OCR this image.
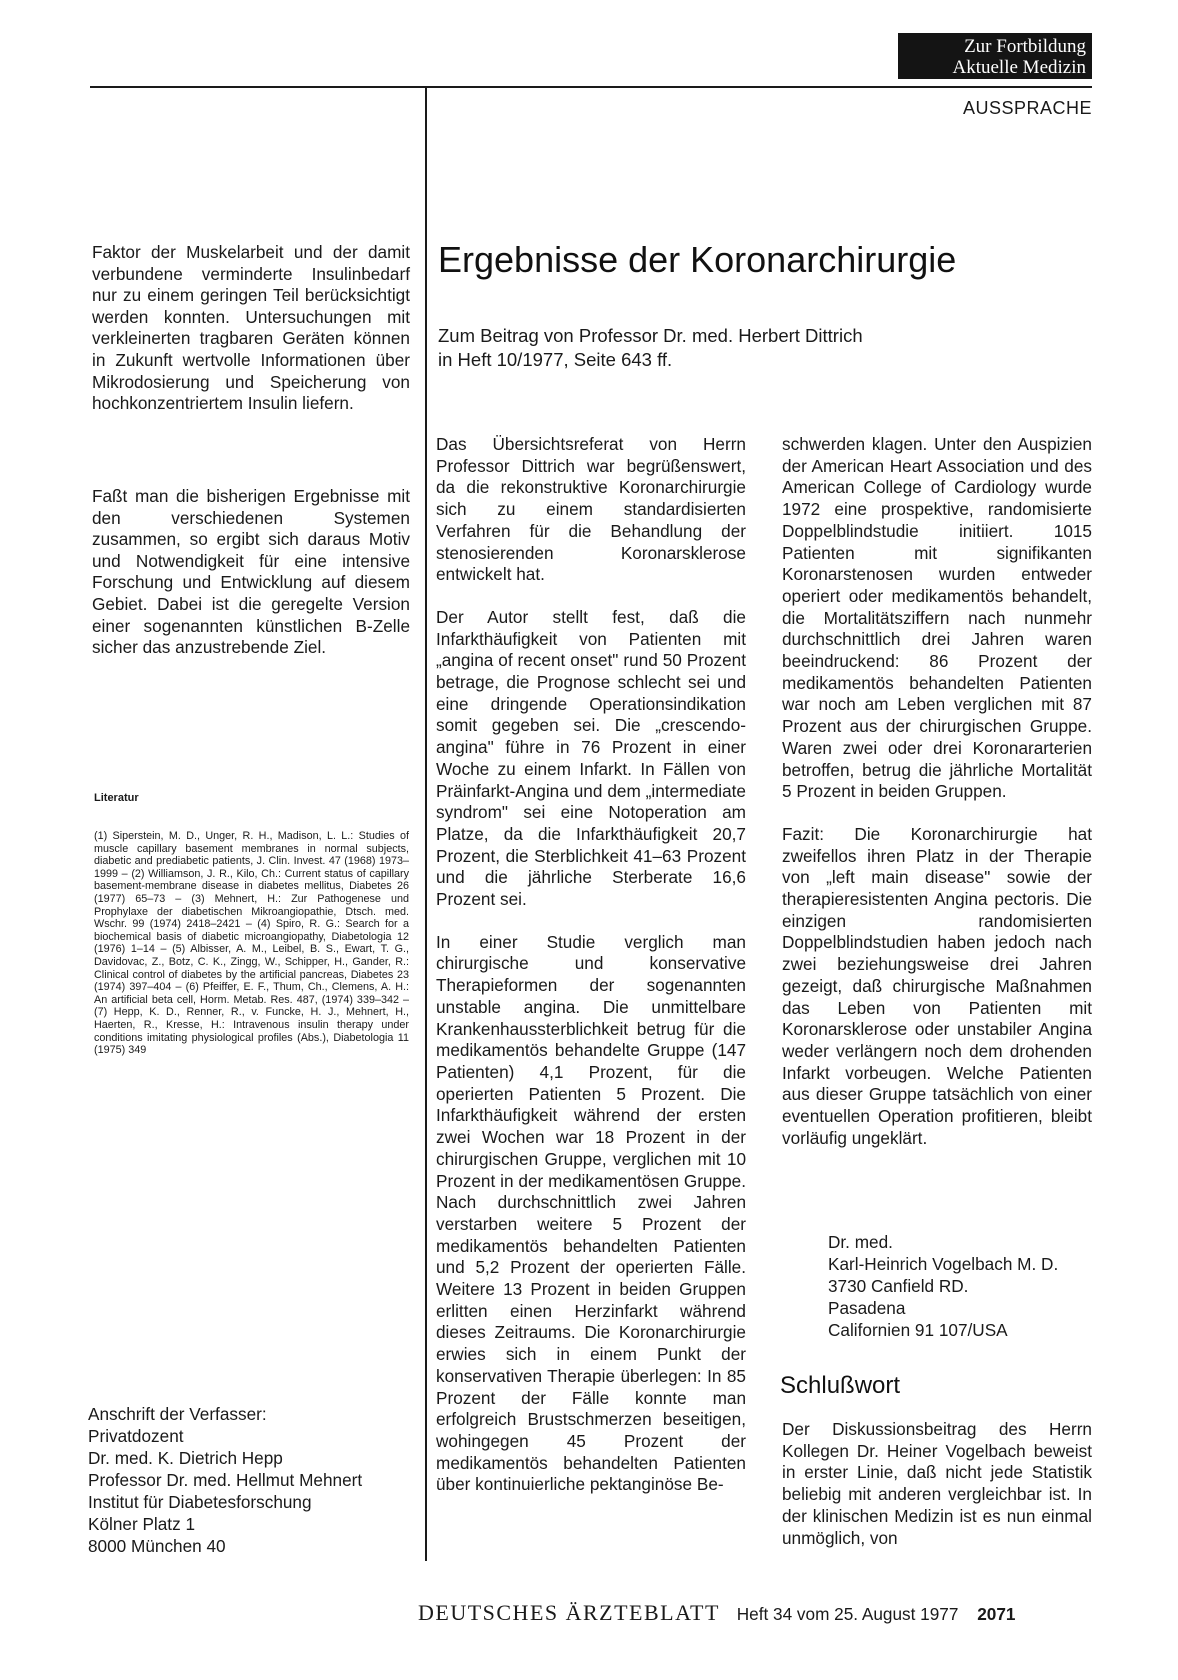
Zur Fortbildung
Aktuelle Medizin
AUSSPRACHE

Faktor der Muskelarbeit und der damit verbundene verminderte Insulinbedarf nur zu einem geringen Teil berücksichtigt werden konnten. Untersuchungen mit verkleinerten tragbaren Geräten können in Zukunft wertvolle Informationen über Mikrodosierung und Speicherung von hochkonzentriertem Insulin liefern.

Faßt man die bisherigen Ergebnisse mit den verschiedenen Systemen zusammen, so ergibt sich daraus Motiv und Notwendigkeit für eine intensive Forschung und Entwicklung auf diesem Gebiet. Dabei ist die geregelte Version einer sogenannten künstlichen B-Zelle sicher das anzustrebende Ziel.

Literatur
(1) Siperstein, M. D., Unger, R. H., Madison, L. L.: Studies of muscle capillary basement membranes in normal subjects, diabetic and prediabetic patients, J. Clin. Invest. 47 (1968) 1973–1999 – (2) Williamson, J. R., Kilo, Ch.: Current status of capillary basement-membrane disease in diabetes mellitus, Diabetes 26 (1977) 65–73 – (3) Mehnert, H.: Zur Pathogenese und Prophylaxe der diabetischen Mikroangiopathie, Dtsch. med. Wschr. 99 (1974) 2418–2421 – (4) Spiro, R. G.: Search for a biochemical basis of diabetic microangiopathy, Diabetologia 12 (1976) 1–14 – (5) Albisser, A. M., Leibel, B. S., Ewart, T. G., Davidovac, Z., Botz, C. K., Zingg, W., Schipper, H., Gander, R.: Clinical control of diabetes by the artificial pancreas, Diabetes 23 (1974) 397–404 – (6) Pfeiffer, E. F., Thum, Ch., Clemens, A. H.: An artificial beta cell, Horm. Metab. Res. 487, (1974) 339–342 – (7) Hepp, K. D., Renner, R., v. Funcke, H. J., Mehnert, H., Haerten, R., Kresse, H.: Intravenous insulin therapy under conditions imitating physiological profiles (Abs.), Diabetologia 11 (1975) 349
Anschrift der Verfasser:
Privatdozent
Dr. med. K. Dietrich Hepp
Professor Dr. med. Hellmut Mehnert
Institut für Diabetesforschung
Kölner Platz 1
8000 München 40
Ergebnisse der Koronarchirurgie
Zum Beitrag von Professor Dr. med. Herbert Dittrich
in Heft 10/1977, Seite 643 ff.

Das Übersichtsreferat von Herrn Professor Dittrich war begrüßenswert, da die rekonstruktive Koronarchirurgie sich zu einem standardisierten Verfahren für die Behandlung der stenosierenden Koronarsklerose entwickelt hat.

Der Autor stellt fest, daß die Infarkthäufigkeit von Patienten mit „angina of recent onset" rund 50 Prozent betrage, die Prognose schlecht sei und eine dringende Operationsindikation somit gegeben sei. Die „crescendo-angina" führe in 76 Prozent in einer Woche zu einem Infarkt. In Fällen von Präinfarkt-Angina und dem „intermediate syndrom" sei eine Notoperation am Platze, da die Infarkthäufigkeit 20,7 Prozent, die Sterblichkeit 41–63 Prozent und die jährliche Sterberate 16,6 Prozent sei.

In einer Studie verglich man chirurgische und konservative Therapieformen der sogenannten unstable angina. Die unmittelbare Krankenhaussterblichkeit betrug für die medikamentös behandelte Gruppe (147 Patienten) 4,1 Prozent, für die operierten Patienten 5 Prozent. Die Infarkthäufigkeit während der ersten zwei Wochen war 18 Prozent in der chirurgischen Gruppe, verglichen mit 10 Prozent in der medikamentösen Gruppe. Nach durchschnittlich zwei Jahren verstarben weitere 5 Prozent der medikamentös behandelten Patienten und 5,2 Prozent der operierten Fälle. Weitere 13 Prozent in beiden Gruppen erlitten einen Herzinfarkt während dieses Zeitraums. Die Koronarchirurgie erwies sich in einem Punkt der konservativen Therapie überlegen: In 85 Prozent der Fälle konnte man erfolgreich Brustschmerzen beseitigen, wohingegen 45 Prozent der medikamentös behandelten Patienten über kontinuierliche pektanginöse Be-

schwerden klagen. Unter den Auspizien der American Heart Association und des American College of Cardiology wurde 1972 eine prospektive, randomisierte Doppelblindstudie initiiert. 1015 Patienten mit signifikanten Koronarstenosen wurden entweder operiert oder medikamentös behandelt, die Mortalitätsziffern nach nunmehr durchschnittlich drei Jahren waren beeindruckend: 86 Prozent der medikamentös behandelten Patienten war noch am Leben verglichen mit 87 Prozent aus der chirurgischen Gruppe. Waren zwei oder drei Koronararterien betroffen, betrug die jährliche Mortalität 5 Prozent in beiden Gruppen.

Fazit: Die Koronarchirurgie hat zweifellos ihren Platz in der Therapie von „left main disease" sowie der therapieresistenten Angina pectoris. Die einzigen randomisierten Doppelblindstudien haben jedoch nach zwei beziehungsweise drei Jahren gezeigt, daß chirurgische Maßnahmen das Leben von Patienten mit Koronarsklerose oder unstabiler Angina weder verlängern noch dem drohenden Infarkt vorbeugen. Welche Patienten aus dieser Gruppe tatsächlich von einer eventuellen Operation profitieren, bleibt vorläufig ungeklärt.

Dr. med.
Karl-Heinrich Vogelbach M. D.
3730 Canfield RD.
Pasadena
Californien 91 107/USA
Schlußwort

Der Diskussionsbeitrag des Herrn Kollegen Dr. Heiner Vogelbach beweist in erster Linie, daß nicht jede Statistik beliebig mit anderen vergleichbar ist. In der klinischen Medizin ist es nun einmal unmöglich, von

DEUTSCHES ÄRZTEBLATT Heft 34 vom 25. August 1977 2071
